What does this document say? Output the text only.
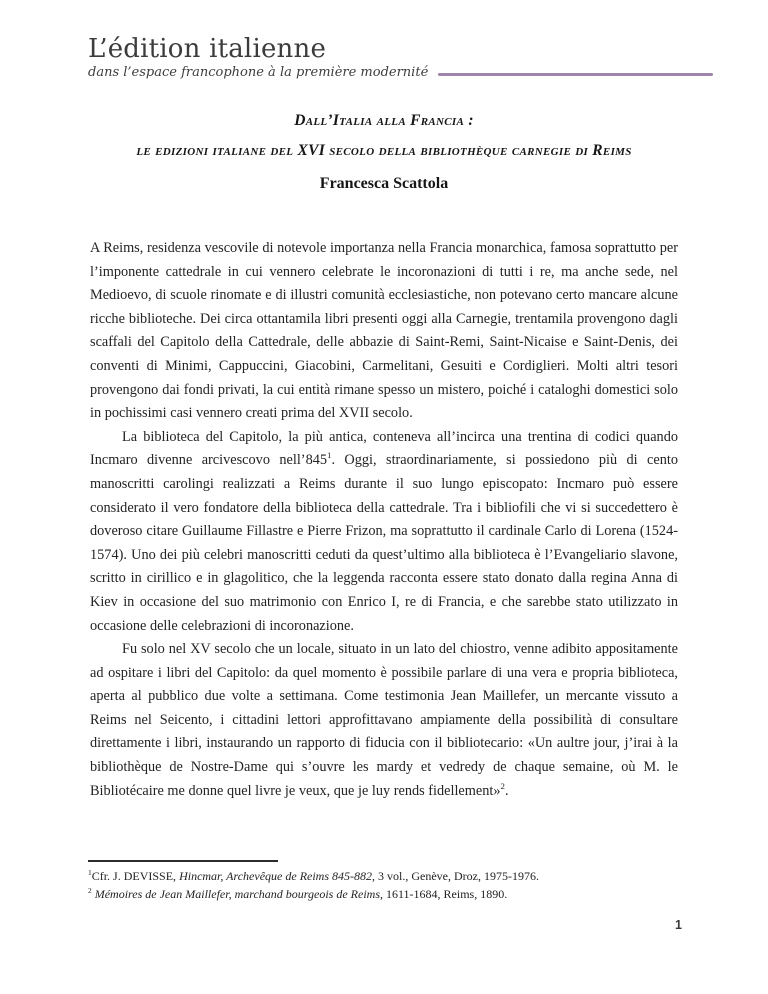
L’édition italienne
dans l’espace francophone à la première modernité
Dall’Italia alla Francia :
le edizioni italiane del XVI secolo della bibliothèque carnegie di Reims
Francesca Scattola

A Reims, residenza vescovile di notevole importanza nella Francia monarchica, famosa soprattutto per l’imponente cattedrale in cui vennero celebrate le incoronazioni di tutti i re, ma anche sede, nel Medioevo, di scuole rinomate e di illustri comunità ecclesiastiche, non potevano certo mancare alcune ricche biblioteche. Dei circa ottantamila libri presenti oggi alla Carnegie, trentamila provengono dagli scaffali del Capitolo della Cattedrale, delle abbazie di Saint-Remi, Saint-Nicaise e Saint-Denis, dei conventi di Minimi, Cappuccini, Giacobini, Carmelitani, Gesuiti e Cordiglieri. Molti altri tesori provengono dai fondi privati, la cui entità rimane spesso un mistero, poiché i cataloghi domestici solo in pochissimi casi vennero creati prima del XVII secolo.

La biblioteca del Capitolo, la più antica, conteneva all’incirca una trentina di codici quando Incmaro divenne arcivescovo nell’845$^1$. Oggi, straordinariamente, si possiedono più di cento manoscritti carolingi realizzati a Reims durante il suo lungo episcopato: Incmaro può essere considerato il vero fondatore della biblioteca della cattedrale. Tra i bibliofili che vi si succedettero è doveroso citare Guillaume Fillastre e Pierre Frizon, ma soprattutto il cardinale Carlo di Lorena (1524-1574). Uno dei più celebri manoscritti ceduti da quest’ultimo alla biblioteca è l’Evangeliario slavone, scritto in cirillico e in glagolitico, che la leggenda racconta essere stato donato dalla regina Anna di Kiev in occasione del suo matrimonio con Enrico I, re di Francia, e che sarebbe stato utilizzato in occasione delle celebrazioni di incoronazione.

Fu solo nel XV secolo che un locale, situato in un lato del chiostro, venne adibito appositamente ad ospitare i libri del Capitolo: da quel momento è possibile parlare di una vera e propria biblioteca, aperta al pubblico due volte a settimana. Come testimonia Jean Maillefer, un mercante vissuto a Reims nel Seicento, i cittadini lettori approfittavano ampiamente della possibilità di consultare direttamente i libri, instaurando un rapporto di fiducia con il bibliotecario: «Un aultre jour, j’irai à la bibliothèque de Nostre-Dame qui s’ouvre les mardy et vedredy de chaque semaine, où M. le Bibliotécaire me donne quel livre je veux, que je luy rends fidellement»$^2$.

$^1$Cfr. J. DEVISSE, Hincmar, Archevêque de Reims 845-882, 3 vol., Genève, Droz, 1975-1976.
$^2$ Mémoires de Jean Maillefer, marchand bourgeois de Reims, 1611-1684, Reims, 1890.
1
